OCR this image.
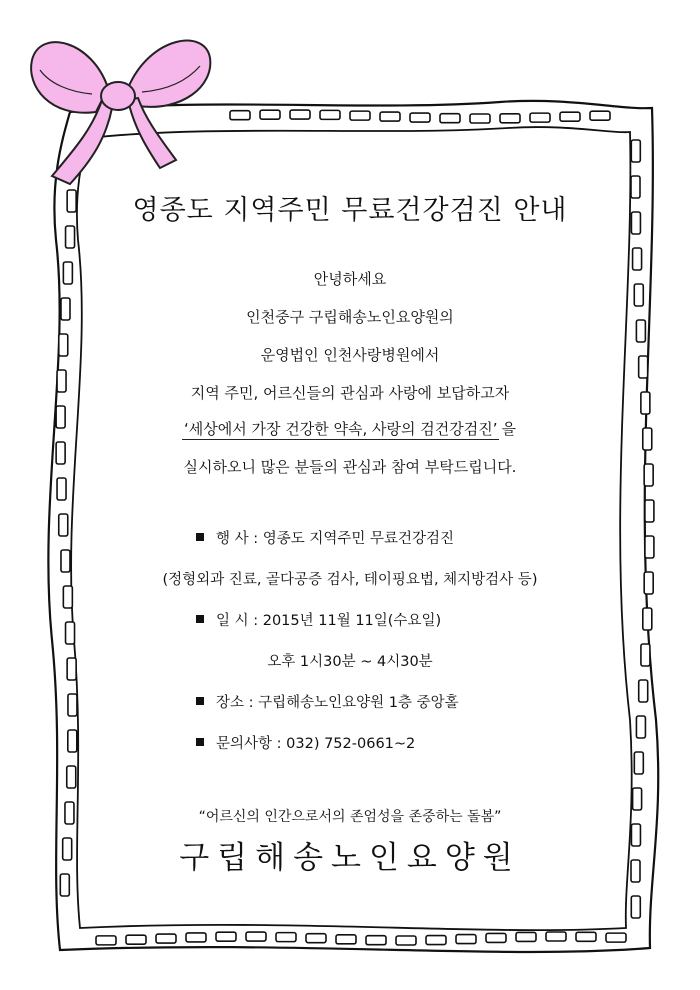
영종도 지역주민 무료건강검진 안내
안녕하세요
인천중구 구립해송노인요양원의
운영법인 인천사랑병원에서
지역 주민, 어르신들의 관심과 사랑에 보답하고자
‘세상에서 가장 건강한 약속, 사랑의 검건강검진’ 을
실시하오니 많은 분들의 관심과 참여 부탁드립니다.
행 사 : 영종도 지역주민 무료건강검진
(정형외과 진료, 골다공증 검사, 테이핑요법, 체지방검사 등)
일 시 : 2015년 11월 11일(수요일)
오후 1시30분 ~ 4시30분
장소 : 구립해송노인요양원 1층 중앙홀
문의사항 : 032) 752-0661~2
“어르신의 인간으로서의 존엄성을 존중하는 돌봄”
구립해송노인요양원
